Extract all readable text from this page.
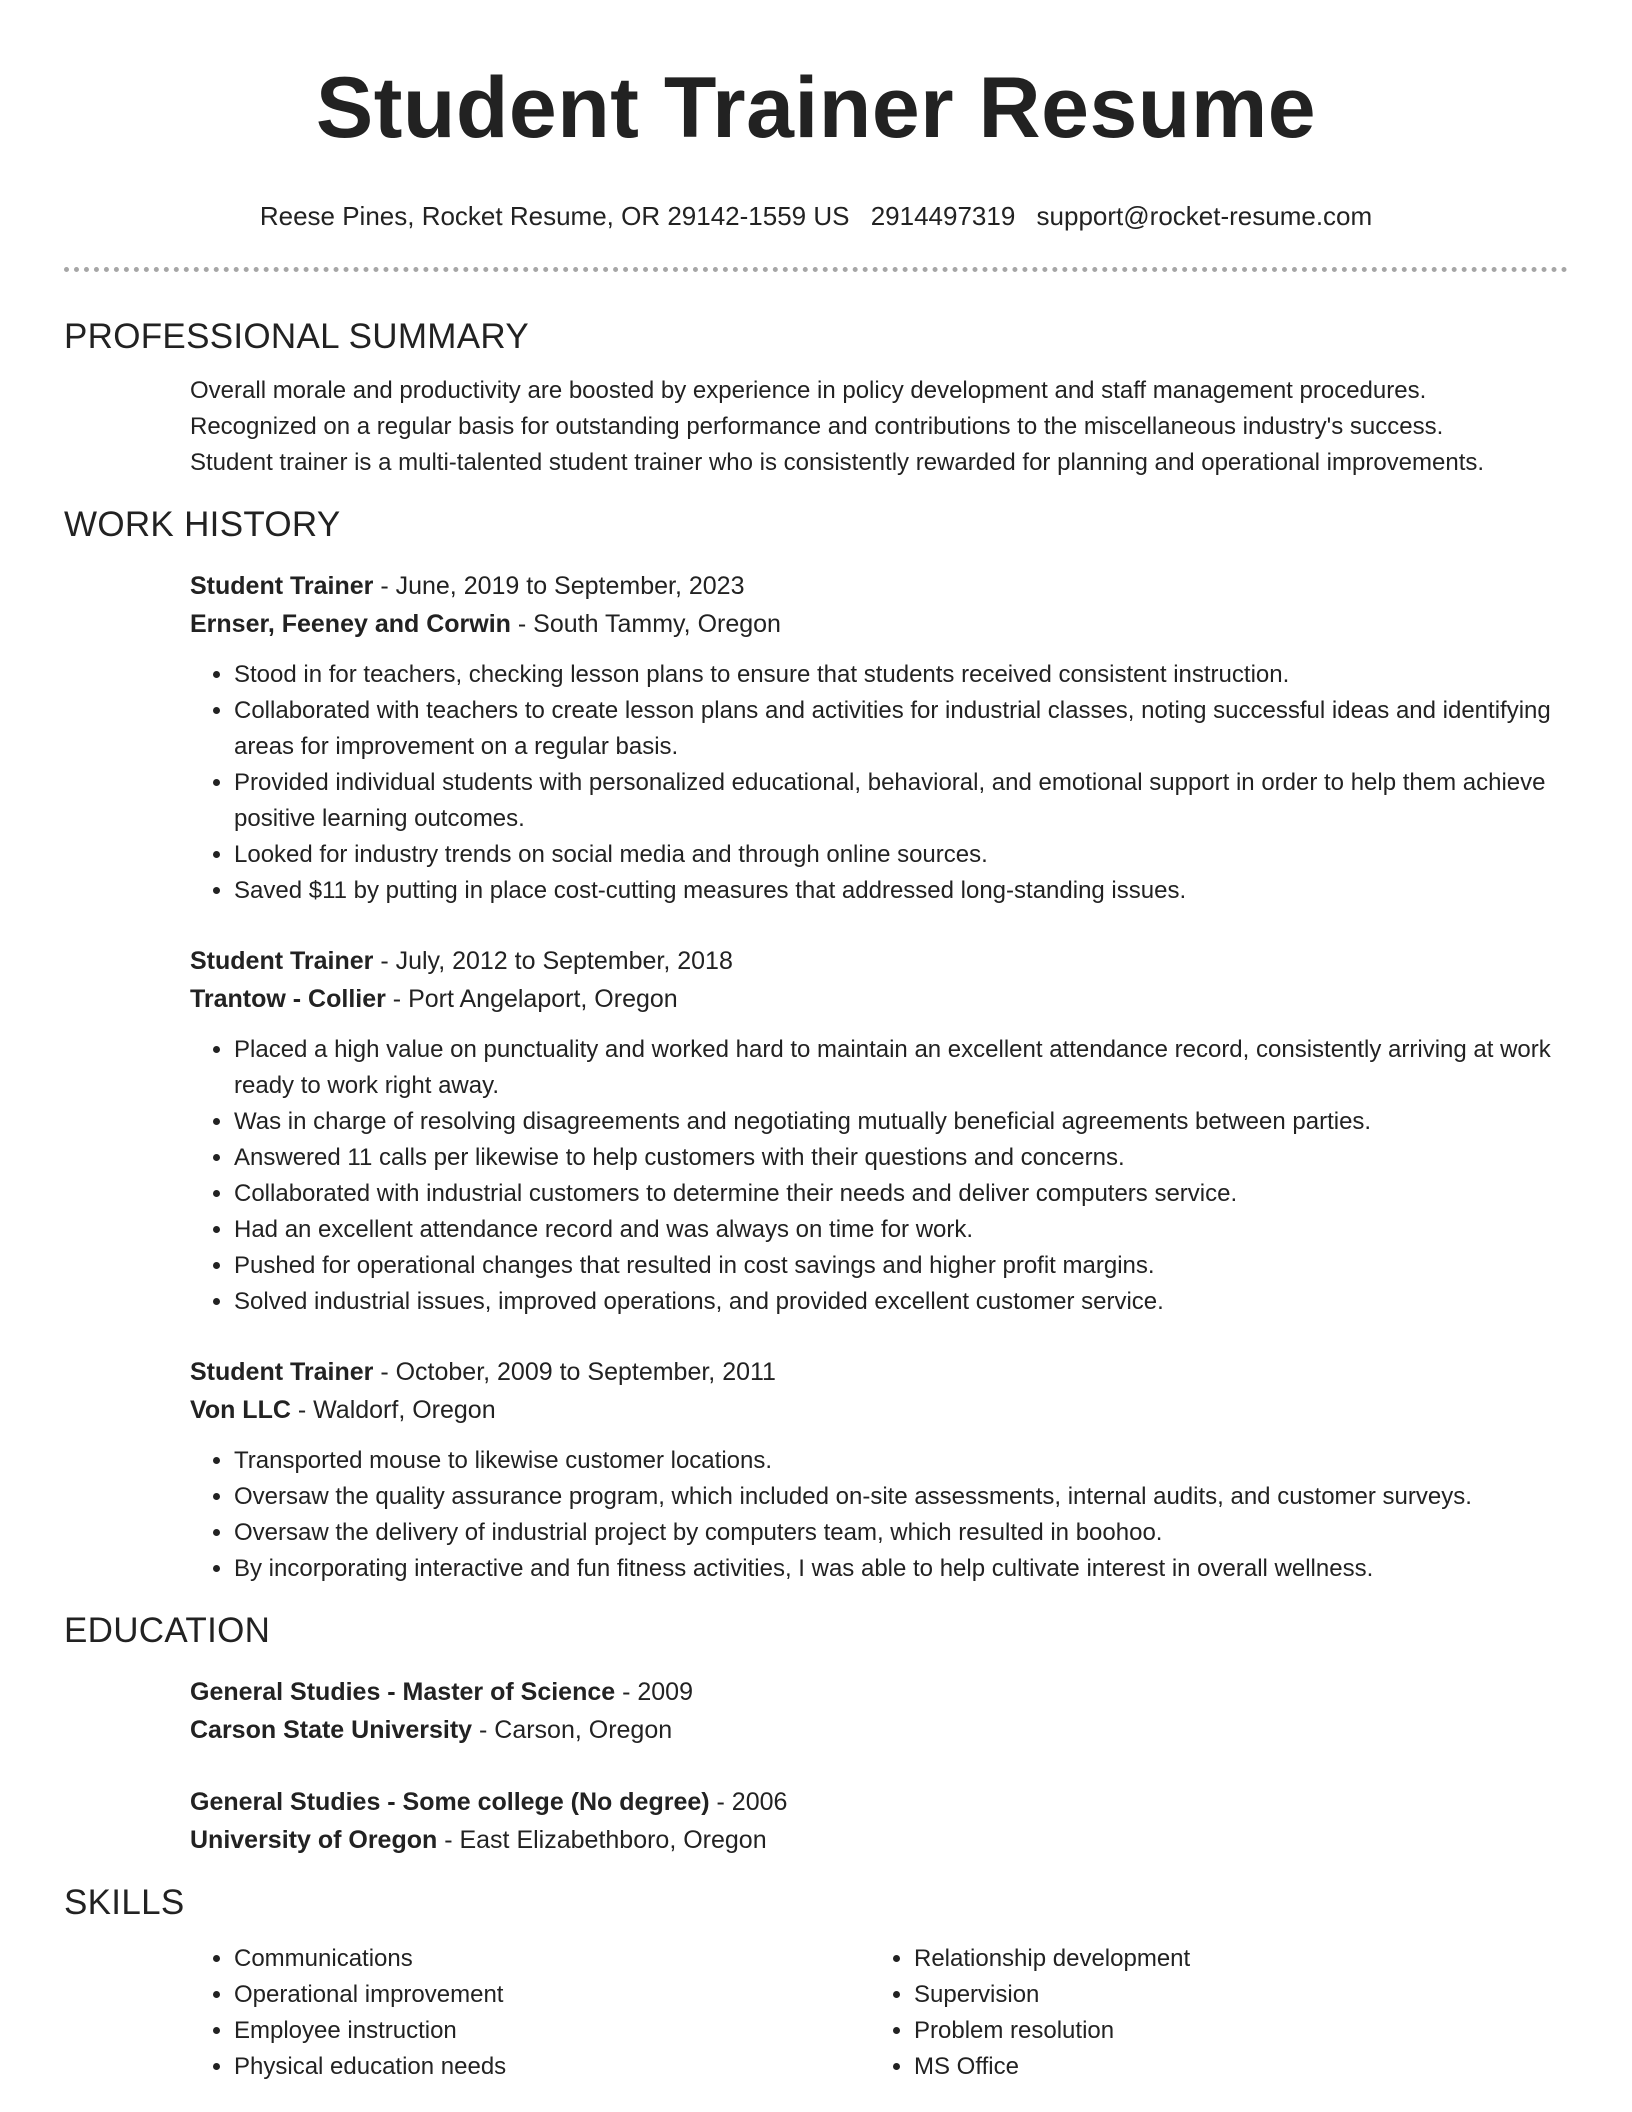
Student Trainer Resume
Reese Pines, Rocket Resume, OR 29142-1559 US 2914497319 support@rocket-resume.com
PROFESSIONAL SUMMARY

Overall morale and productivity are boosted by experience in policy development and staff management procedures.

Recognized on a regular basis for outstanding performance and contributions to the miscellaneous industry's success.

Student trainer is a multi-talented student trainer who is consistently rewarded for planning and operational improvements.

WORK HISTORY

Student Trainer - June, 2019 to September, 2023

Ernser, Feeney and Corwin - South Tammy, Oregon

• Stood in for teachers, checking lesson plans to ensure that students received consistent instruction.
• Collaborated with teachers to create lesson plans and activities for industrial classes, noting successful ideas and identifying areas for improvement on a regular basis.
• Provided individual students with personalized educational, behavioral, and emotional support in order to help them achieve positive learning outcomes.
• Looked for industry trends on social media and through online sources.
• Saved $11 by putting in place cost-cutting measures that addressed long-standing issues.

Student Trainer - July, 2012 to September, 2018

Trantow - Collier - Port Angelaport, Oregon

• Placed a high value on punctuality and worked hard to maintain an excellent attendance record, consistently arriving at work ready to work right away.
• Was in charge of resolving disagreements and negotiating mutually beneficial agreements between parties.
• Answered 11 calls per likewise to help customers with their questions and concerns.
• Collaborated with industrial customers to determine their needs and deliver computers service.
• Had an excellent attendance record and was always on time for work.
• Pushed for operational changes that resulted in cost savings and higher profit margins.
• Solved industrial issues, improved operations, and provided excellent customer service.

Student Trainer - October, 2009 to September, 2011

Von LLC - Waldorf, Oregon

• Transported mouse to likewise customer locations.
• Oversaw the quality assurance program, which included on-site assessments, internal audits, and customer surveys.
• Oversaw the delivery of industrial project by computers team, which resulted in boohoo.
• By incorporating interactive and fun fitness activities, I was able to help cultivate interest in overall wellness.
EDUCATION

General Studies - Master of Science - 2009

Carson State University - Carson, Oregon

General Studies - Some college (No degree) - 2006

University of Oregon - East Elizabethboro, Oregon

SKILLS
• Communications
• Operational improvement
• Employee instruction
• Physical education needs
• Relationship development
• Supervision
• Problem resolution
• MS Office
